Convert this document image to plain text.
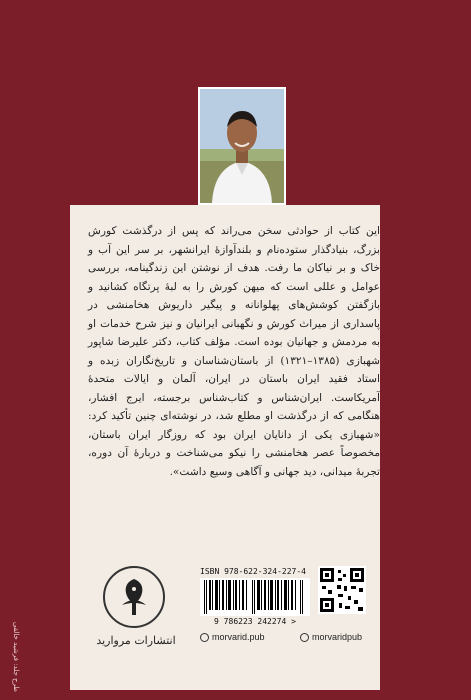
این کتاب از حوادثی سخن می‌راند که پس از درگذشت کورش بزرگ، بنیادگذار ستوده‌نام و بلندآوازهٔ ایرانشهر، بر سر این آب و خاک و بر نیاکان ما رفت. هدف از نوشتن این زندگینامه، بررسی عوامل و عللی است که میهن کورش را به لبهٔ پرتگاه کشانید و بازگفتن کوشش‌های پهلوانانه و پیگیر داریوش هخامنشی در پاسداری از میراث کورش و نگهبانی ایرانیان و نیز شرح خدمات او به مردمش و جهانیان بوده است. مؤلف کتاب، دکتر علیرضا شاپور شهبازی (۱۳۸۵–۱۳۲۱) از باستان‌شناسان و تاریخ‌نگاران زبده و استاد فقید ایران باستان در ایران، آلمان و ایالات متحدهٔ آمریکاست. ایران‌شناس و کتاب‌شناس برجسته، ایرج افشار، هنگامی که از درگذشت او مطلع شد، در نوشته‌ای چنین تأکید کرد: «شهبازی یکی از دانایان ایران بود که روزگار ایران باستان، مخصوصاً عصر هخامنشی را نیکو می‌شناخت و دربارهٔ آن دوره، تجربهٔ میدانی، دید جهانی و آگاهی وسیع داشت».
انتشارات مروارید
ISBN 978-622-324-227-4
9 786223 242274 >
morvarid.pub	morvaridpub
طرح جلد: فرشید خالقی
